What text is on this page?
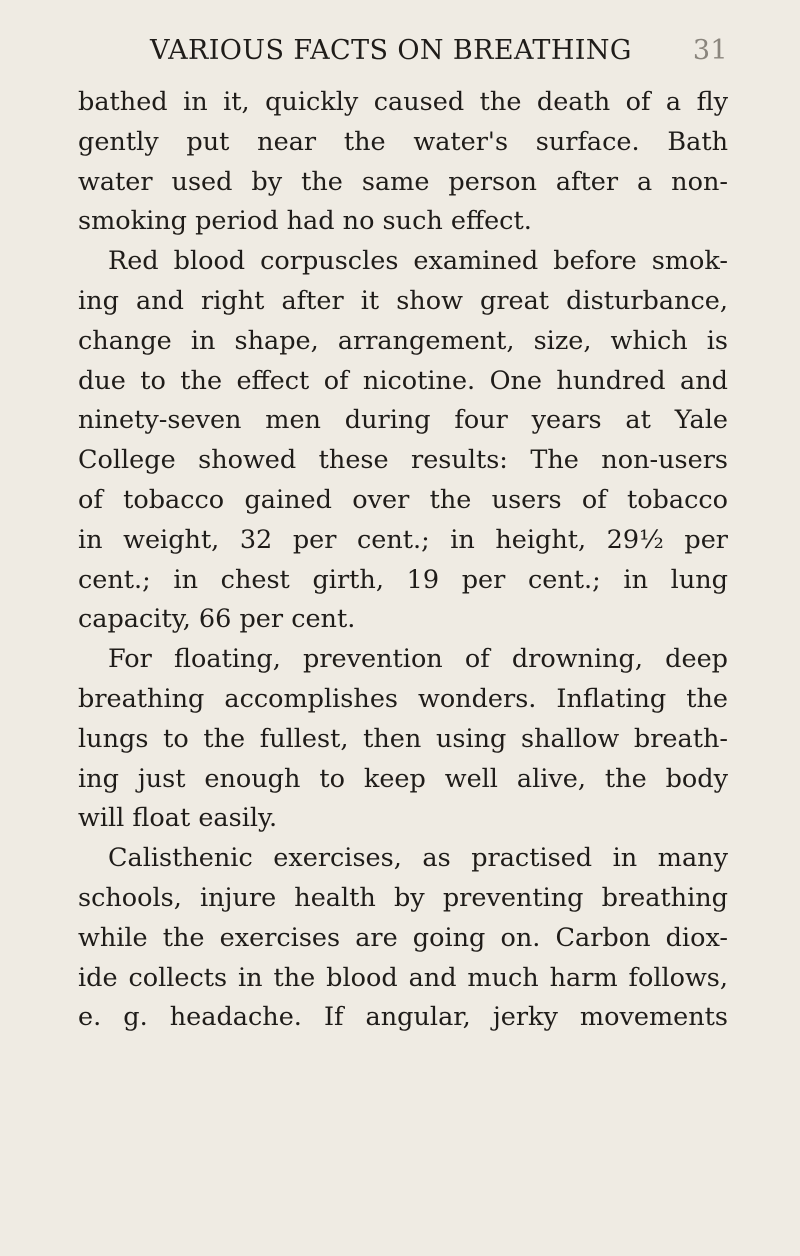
VARIOUS FACTS ON BREATHING 31

bathed in it, quickly caused the death of a fly
gently put near the water's surface. Bath
water used by the same person after a non-
smoking period had no such effect.

Red blood corpuscles examined before smok-
ing and right after it show great disturbance,
change in shape, arrangement, size, which is
due to the effect of nicotine. One hundred and
ninety-seven men during four years at Yale
College showed these results: The non-users
of tobacco gained over the users of tobacco
in weight, 32 per cent.; in height, 29½ per
cent.; in chest girth, 19 per cent.; in lung
capacity, 66 per cent.

For floating, prevention of drowning, deep
breathing accomplishes wonders. Inflating the
lungs to the fullest, then using shallow breath-
ing just enough to keep well alive, the body
will float easily.

Calisthenic exercises, as practised in many
schools, injure health by preventing breathing
while the exercises are going on. Carbon diox-
ide collects in the blood and much harm follows,
e. g. headache. If angular, jerky movements
